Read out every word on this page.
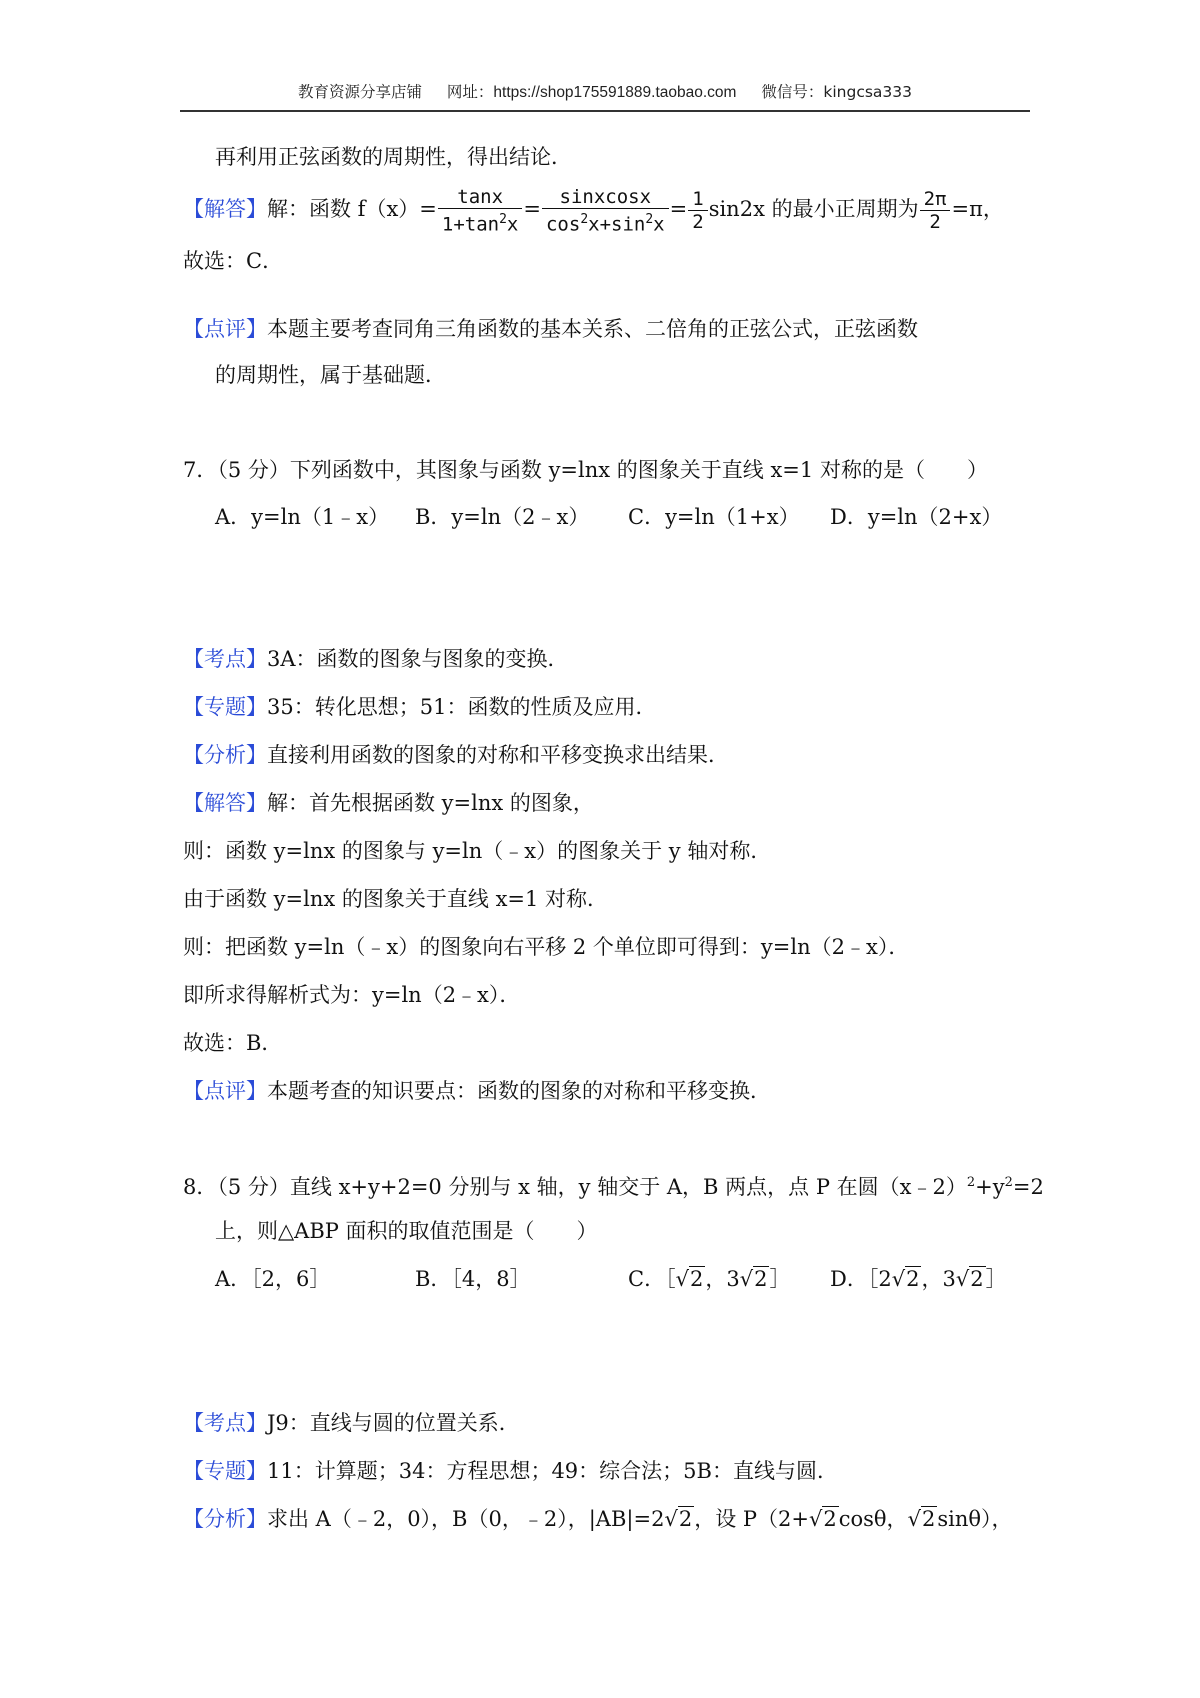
教育资源分享店铺 网址：https://shop175591889.taobao.com 微信号：kingcsa333
再利用正弦函数的周期性，得出结论．
【解答】解：函数 $f(x)= \frac{\tan x}{1+\tan^2x} = \frac{\text{sinxcosx}}{\cos^2x+\sin^2x} = \frac{1}{2} \sin 2x$ 的最小正周期为 $\frac{2\pi}{2} =\pi$，
故选：C．
【点评】本题主要考查同角三角函数的基本关系、二倍角的正弦公式，正弦函数
的周期性，属于基础题．
7．（5 分）下列函数中，其图象与函数 y=lnx 的图象关于直线 x=1 对称的是（　　）
A．y=ln（1﹣x） B．y=ln（2﹣x） C．y=ln（1+x） D．y=ln（2+x）
【考点】3A：函数的图象与图象的变换．
【专题】35：转化思想；51：函数的性质及应用．
【分析】直接利用函数的图象的对称和平移变换求出结果．
【解答】解：首先根据函数 y=lnx 的图象，
则：函数 y=lnx 的图象与 y=ln（﹣x）的图象关于 y 轴对称．
由于函数 y=lnx 的图象关于直线 x=1 对称．
则：把函数 y=ln（﹣x）的图象向右平移 2 个单位即可得到：y=ln（2﹣x）．
即所求得解析式为：y=ln（2﹣x）．
故选：B．
【点评】本题考查的知识要点：函数的图象的对称和平移变换．
8．（5 分）直线 x+y+2=0 分别与 x 轴，y 轴交于 A，B 两点，点 P 在圆$(x﹣2)^2+y^2=2$
上，则△ABP 面积的取值范围是（　　）
A．［2，6］	B．［4，8］	C．［√2，3√2］ D．［2√2，3√2］
【考点】J9：直线与圆的位置关系．
【专题】11：计算题；34：方程思想；49：综合法；5B：直线与圆．
【分析】求出 A（﹣2，0），B（0，﹣2），|AB|=2√2，设 P（2+√2cosθ，√2sinθ），
